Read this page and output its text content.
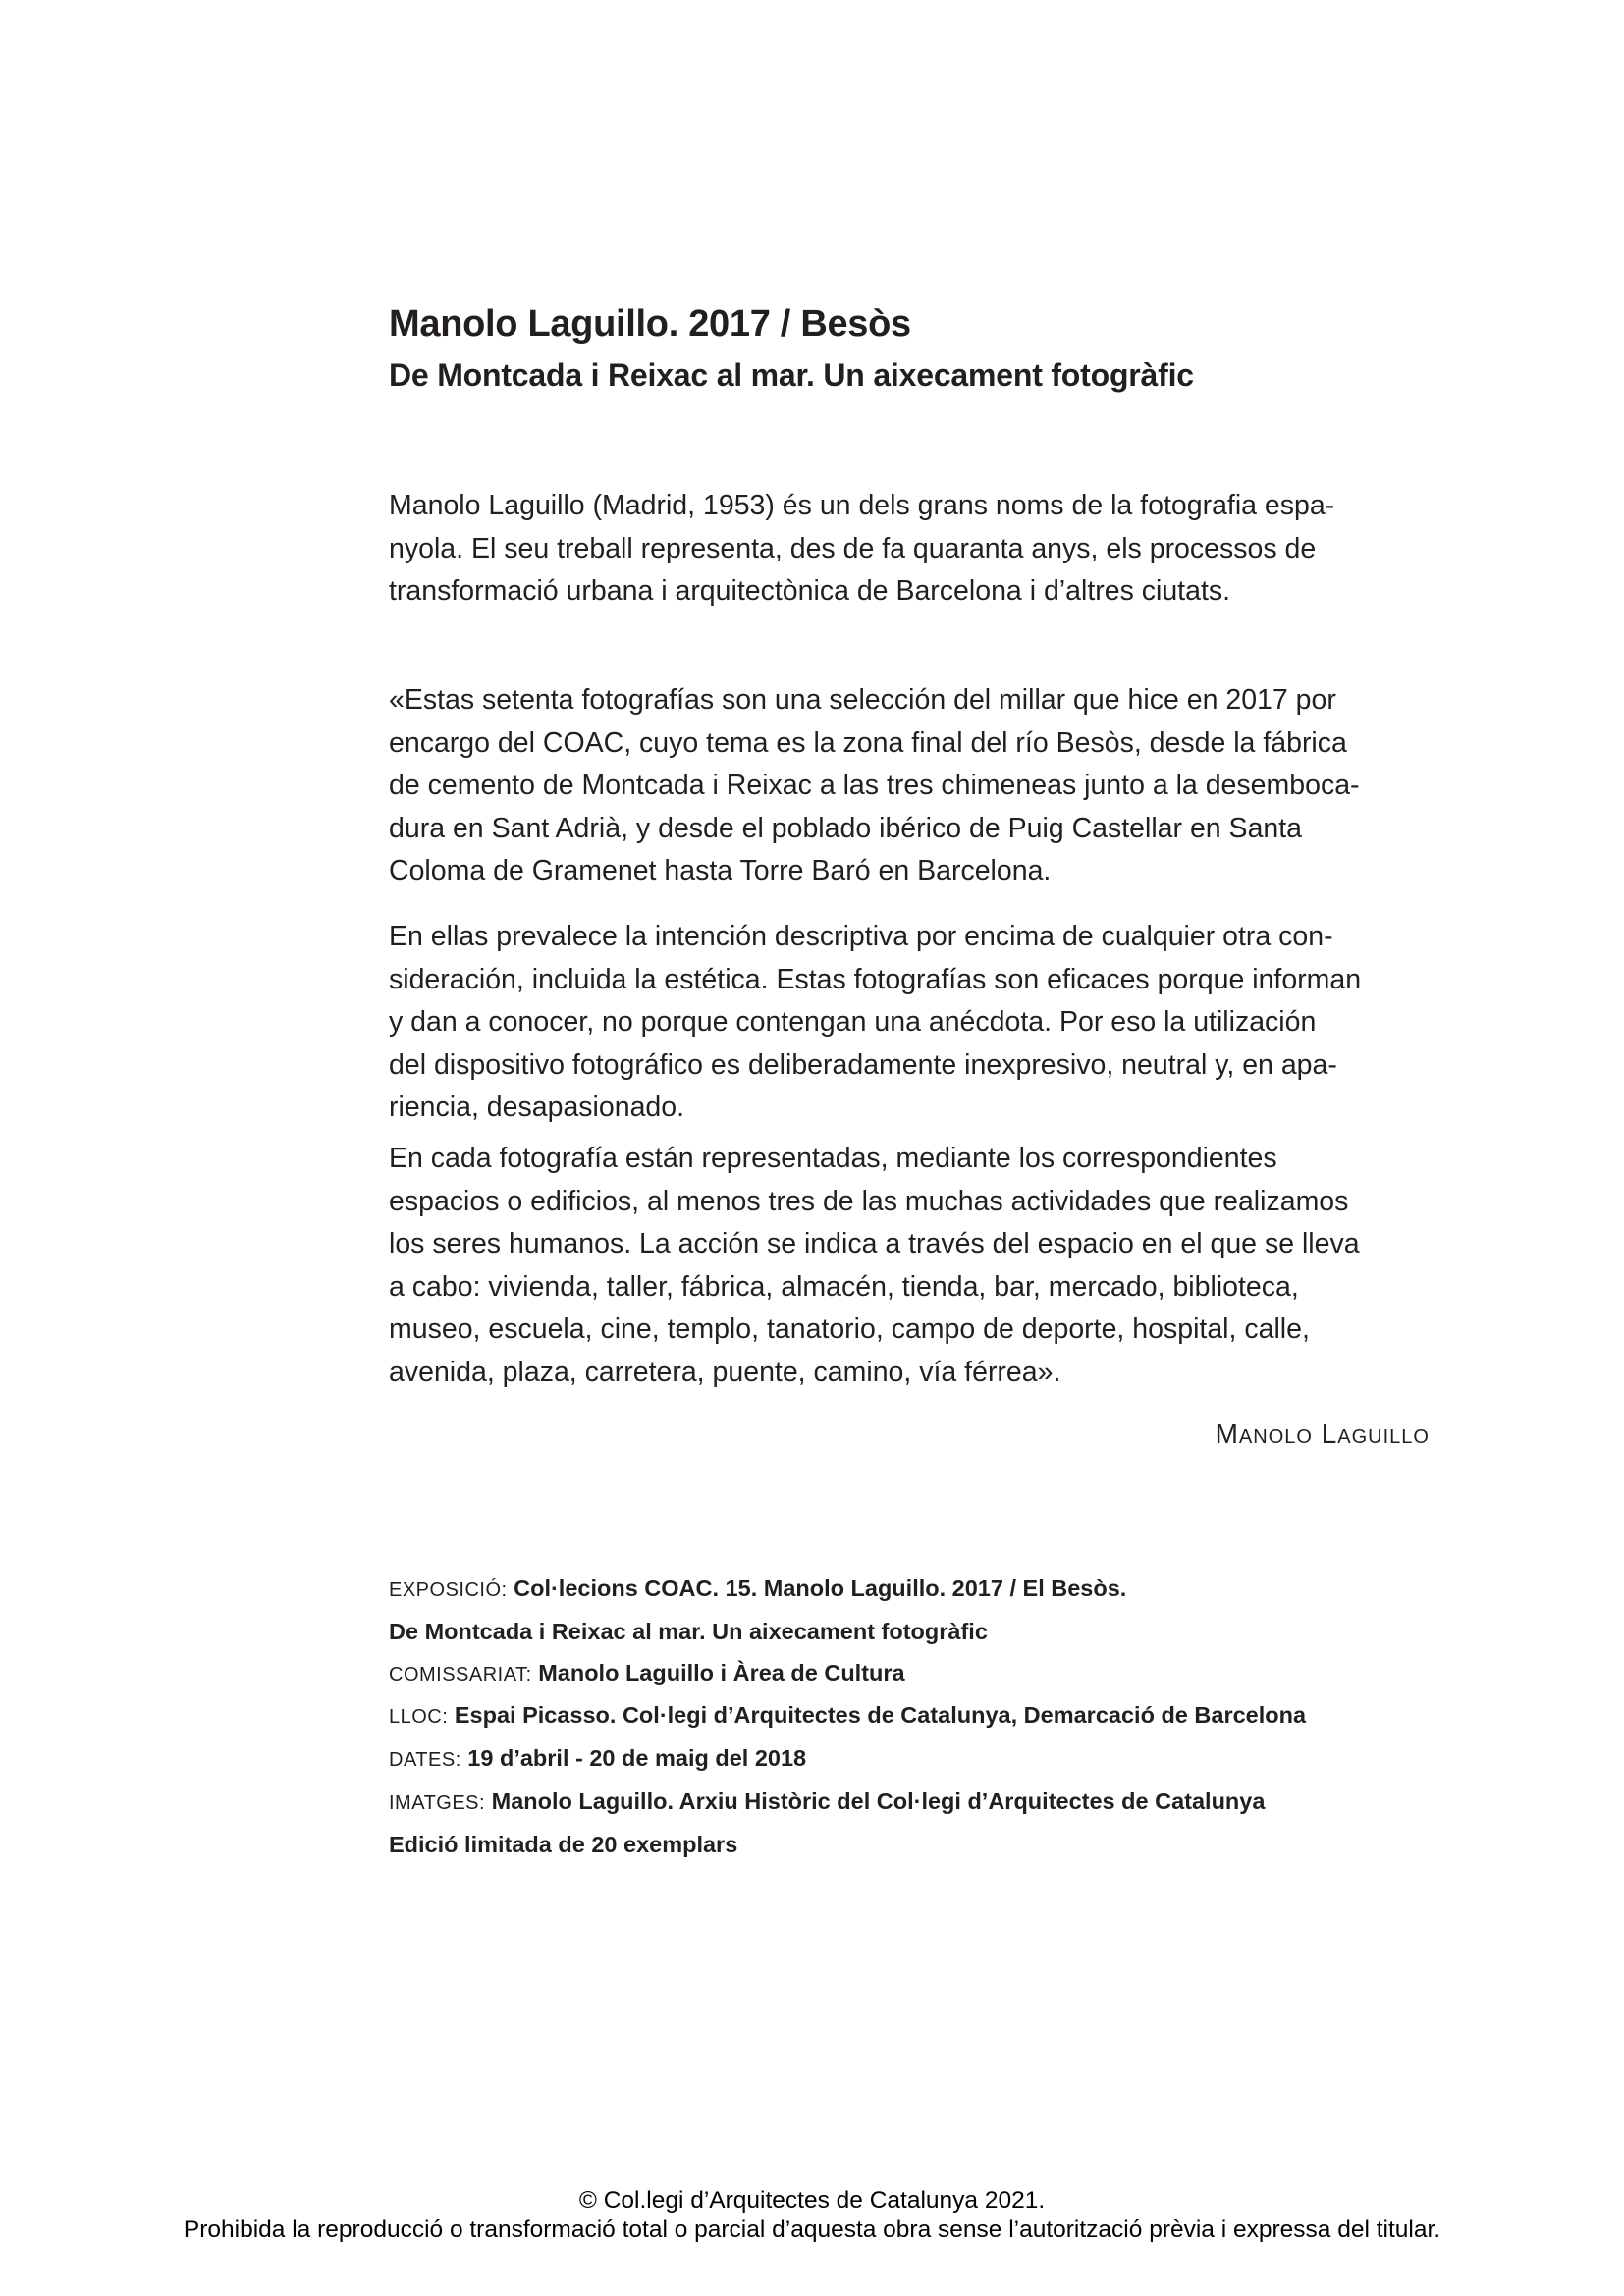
Manolo Laguillo. 2017 / Besòs
De Montcada i Reixac al mar. Un aixecament fotogràfic

Manolo Laguillo (Madrid, 1953) és un dels grans noms de la fotografia espa-
nyola. El seu treball representa, des de fa quaranta anys, els processos de
transformació urbana i arquitectònica de Barcelona i d’altres ciutats.

«Estas setenta fotografías son una selección del millar que hice en 2017 por
encargo del COAC, cuyo tema es la zona final del río Besòs, desde la fábrica
de cemento de Montcada i Reixac a las tres chimeneas junto a la desemboca-
dura en Sant Adrià, y desde el poblado ibérico de Puig Castellar en Santa
Coloma de Gramenet hasta Torre Baró en Barcelona.

En ellas prevalece la intención descriptiva por encima de cualquier otra con-
sideración, incluida la estética. Estas fotografías son eficaces porque informan
y dan a conocer, no porque contengan una anécdota. Por eso la utilización
del dispositivo fotográfico es deliberadamente inexpresivo, neutral y, en apa-
riencia, desapasionado.

En cada fotografía están representadas, mediante los correspondientes
espacios o edificios, al menos tres de las muchas actividades que realizamos
los seres humanos. La acción se indica a través del espacio en el que se lleva
a cabo: vivienda, taller, fábrica, almacén, tienda, bar, mercado, biblioteca,
museo, escuela, cine, templo, tanatorio, campo de deporte, hospital, calle,
avenida, plaza, carretera, puente, camino, vía férrea».

Manolo Laguillo
EXPOSICIÓ: Col·lecions COAC. 15. Manolo Laguillo. 2017 / El Besòs.
De Montcada i Reixac al mar. Un aixecament fotogràfic
COMISSARIAT: Manolo Laguillo i Àrea de Cultura
LLOC: Espai Picasso. Col·legi d’Arquitectes de Catalunya, Demarcació de Barcelona
DATES: 19 d’abril - 20 de maig del 2018
IMATGES: Manolo Laguillo. Arxiu Històric del Col·legi d’Arquitectes de Catalunya
Edició limitada de 20 exemplars
© Col.legi d’Arquitectes de Catalunya 2021.
Prohibida la reproducció o transformació total o parcial d’aquesta obra sense l’autorització prèvia i expressa del titular.
